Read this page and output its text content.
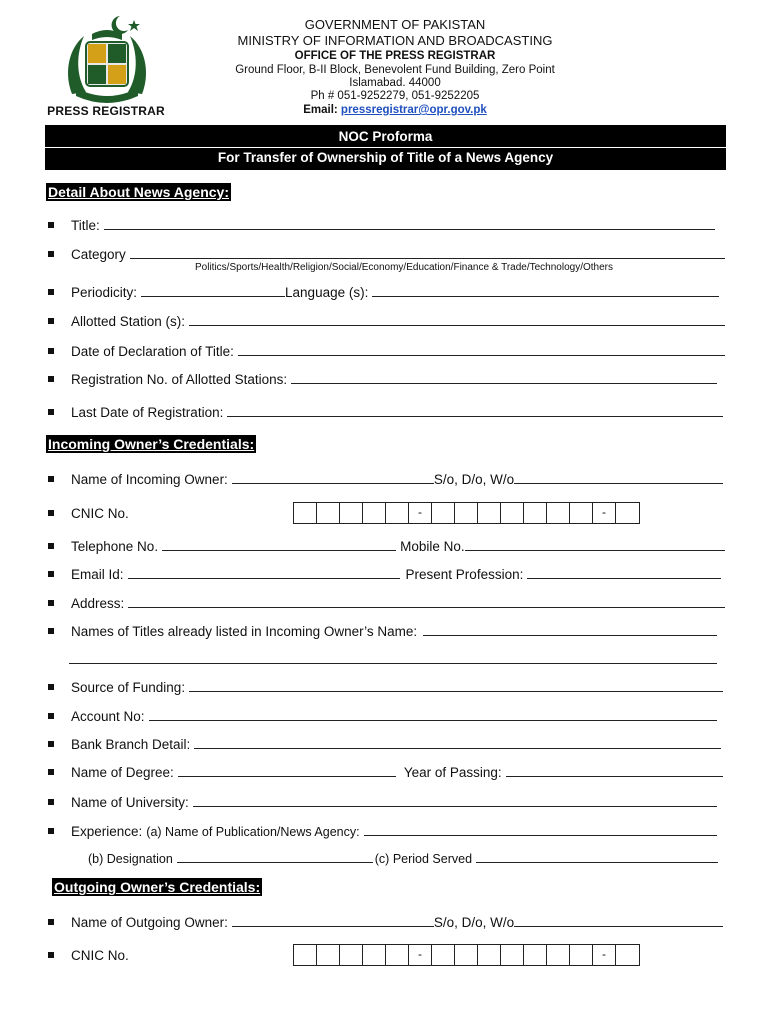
PRESS REGISTRAR
GOVERNMENT OF PAKISTAN
MINISTRY OF INFORMATION AND BROADCASTING
OFFICE OF THE PRESS REGISTRAR
Ground Floor, B-II Block, Benevolent Fund Building, Zero Point
Islamabad. 44000
Ph # 051-9252279, 051-9252205
Email: pressregistrar@opr.gov.pk
NOC Proforma
For Transfer of Ownership of Title of a News Agency
Detail About News Agency:
Title:
Category
Politics/Sports/Health/Religion/Social/Economy/Education/Finance & Trade/Technology/Others
Periodicity:	Language (s):
Allotted Station (s):
Date of Declaration of Title:
Registration No. of Allotted Stations:
Last Date of Registration:
Incoming Owner’s Credentials:
Name of Incoming Owner:	S/o, D/o, W/o
CNIC No.	-	-
Telephone No.	Mobile No.
Email Id:	Present Profession:
Address:
Names of Titles already listed in Incoming Owner’s Name:
Source of Funding:
Account No:
Bank Branch Detail:
Name of Degree:	Year of Passing:
Name of University:
Experience: (a) Name of Publication/News Agency:
(b) Designation	(c) Period Served
Outgoing Owner’s Credentials:
Name of Outgoing Owner:	S/o, D/o, W/o
CNIC No.	-	-
